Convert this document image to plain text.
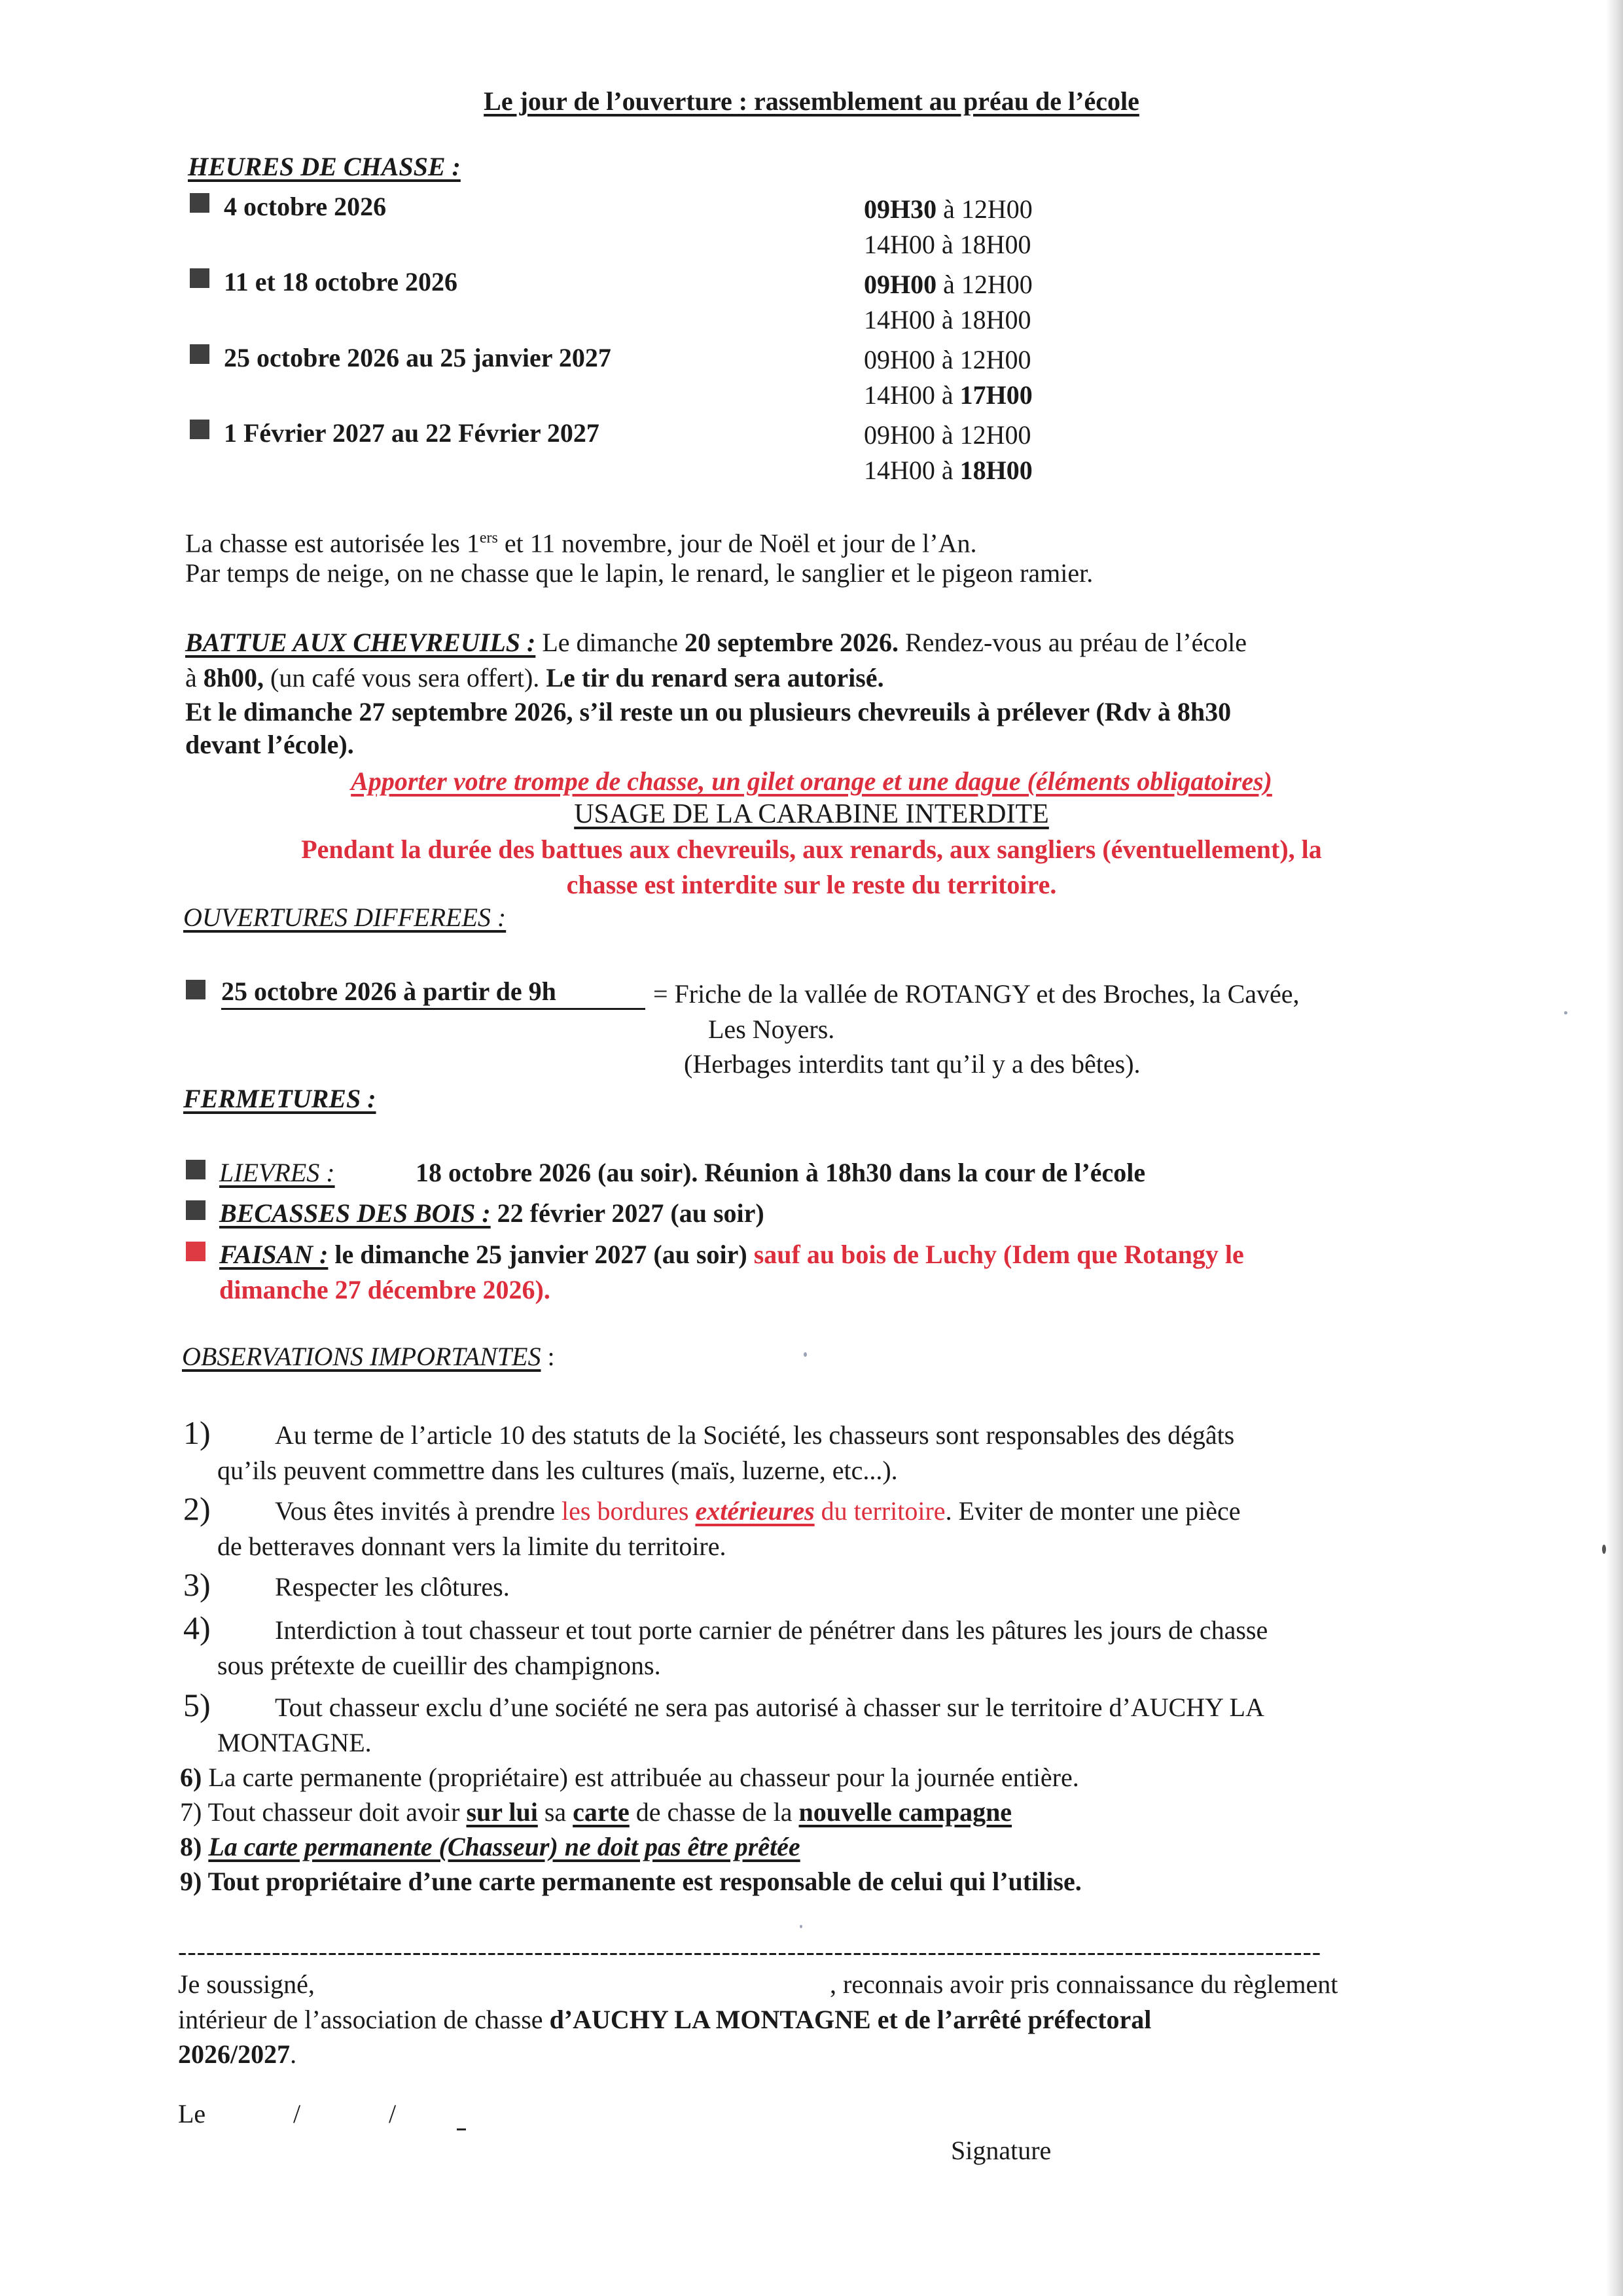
Le jour de l’ouverture : rassemblement au préau de l’école
HEURES DE CHASSE :
4 octobre 2026	09H30 à 12H00
14H00 à 18H00
11 et 18 octobre 2026	09H00 à 12H00
14H00 à 18H00
25 octobre 2026 au 25 janvier 2027	09H00 à 12H00
14H00 à 17H00
1 Février 2027 au 22 Février 2027	09H00 à 12H00
14H00 à 18H00
La chasse est autorisée les 1ers et 11 novembre, jour de Noël et jour de l’An.
Par temps de neige, on ne chasse que le lapin, le renard, le sanglier et le pigeon ramier.
BATTUE AUX CHEVREUILS : Le dimanche 20 septembre 2026. Rendez-vous au préau de l’école
à 8h00, (un café vous sera offert). Le tir du renard sera autorisé.
Et le dimanche 27 septembre 2026, s’il reste un ou plusieurs chevreuils à prélever (Rdv à 8h30
devant l’école).
Apporter votre trompe de chasse, un gilet orange et une dague (éléments obligatoires)
USAGE DE LA CARABINE INTERDITE
Pendant la durée des battues aux chevreuils, aux renards, aux sangliers (éventuellement), la
chasse est interdite sur le reste du territoire.
OUVERTURES DIFFEREES :
25 octobre 2026 à partir de 9h	= Friche de la vallée de ROTANGY et des Broches, la Cavée,
Les Noyers.
(Herbages interdits tant qu’il y a des bêtes).
FERMETURES :
LIEVRES :	18 octobre 2026 (au soir). Réunion à 18h30 dans la cour de l’école
BECASSES DES BOIS : 22 février 2027 (au soir)
FAISAN : le dimanche 25 janvier 2027 (au soir) sauf au bois de Luchy (Idem que Rotangy le
dimanche 27 décembre 2026).
OBSERVATIONS IMPORTANTES :
1) Au terme de l’article 10 des statuts de la Société, les chasseurs sont responsables des dégâts
qu’ils peuvent commettre dans les cultures (maïs, luzerne, etc...).
2) Vous êtes invités à prendre les bordures extérieures du territoire. Eviter de monter une pièce
de betteraves donnant vers la limite du territoire.
3) Respecter les clôtures.
4) Interdiction à tout chasseur et tout porte carnier de pénétrer dans les pâtures les jours de chasse
sous prétexte de cueillir des champignons.
5) Tout chasseur exclu d’une société ne sera pas autorisé à chasser sur le territoire d’AUCHY LA
MONTAGNE.
6) La carte permanente (propriétaire) est attribuée au chasseur pour la journée entière.
7) Tout chasseur doit avoir sur lui sa carte de chasse de la nouvelle campagne
8) La carte permanente (Chasseur) ne doit pas être prêtée
9) Tout propriétaire d’une carte permanente est responsable de celui qui l’utilise.
--------------------------------------------------------------------------------------------------------------------------
Je soussigné,	, reconnais avoir pris connaissance du règlement
intérieur de l’association de chasse d’AUCHY LA MONTAGNE et de l’arrêté préfectoral
2026/2027.
Le	/	/
Signature
